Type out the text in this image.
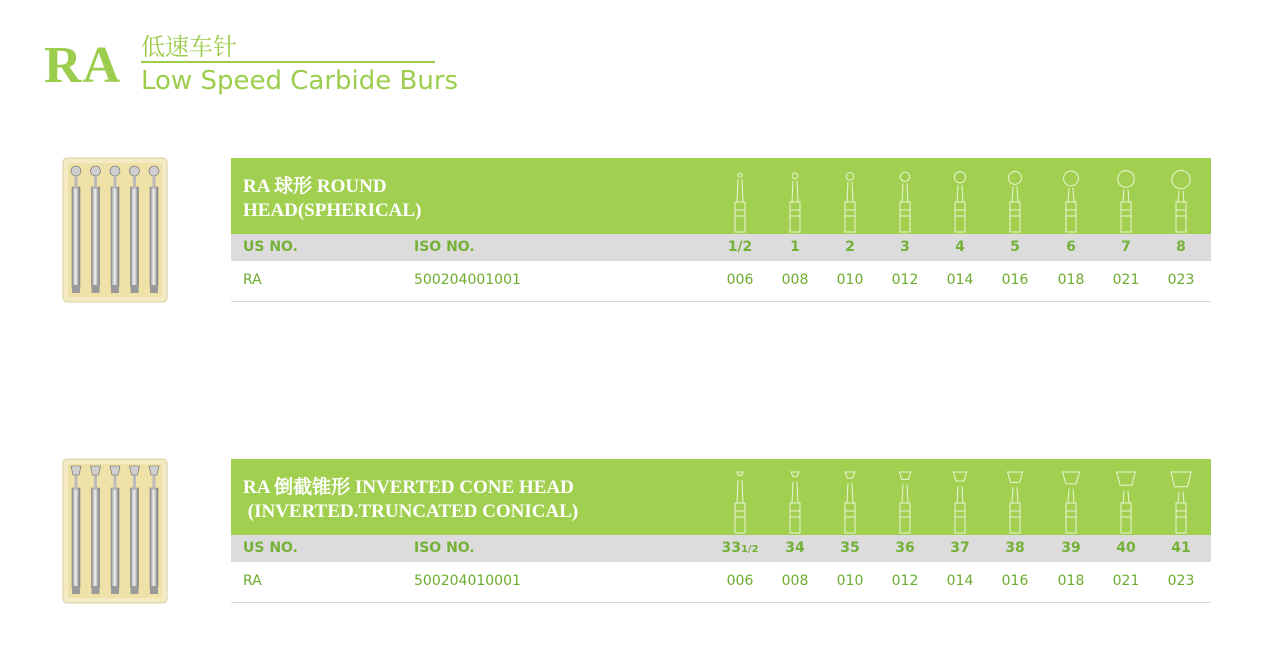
RA 低速车针
Low Speed Carbide Burs
RA 球形 ROUND
HEAD(SPHERICAL)
US NO.	ISO NO.	1/2	1	2	3	4	5	6	7	8
RA	500204001001	006	008	010	012	014	016	018	021	023
RA 倒截锥形 INVERTED CONE HEAD
(INVERTED.TRUNCATED CONICAL)
US NO.	ISO NO.	331/2	34	35	36	37	38	39	40	41
RA	500204010001	006	008	010	012	014	016	018	021	023
